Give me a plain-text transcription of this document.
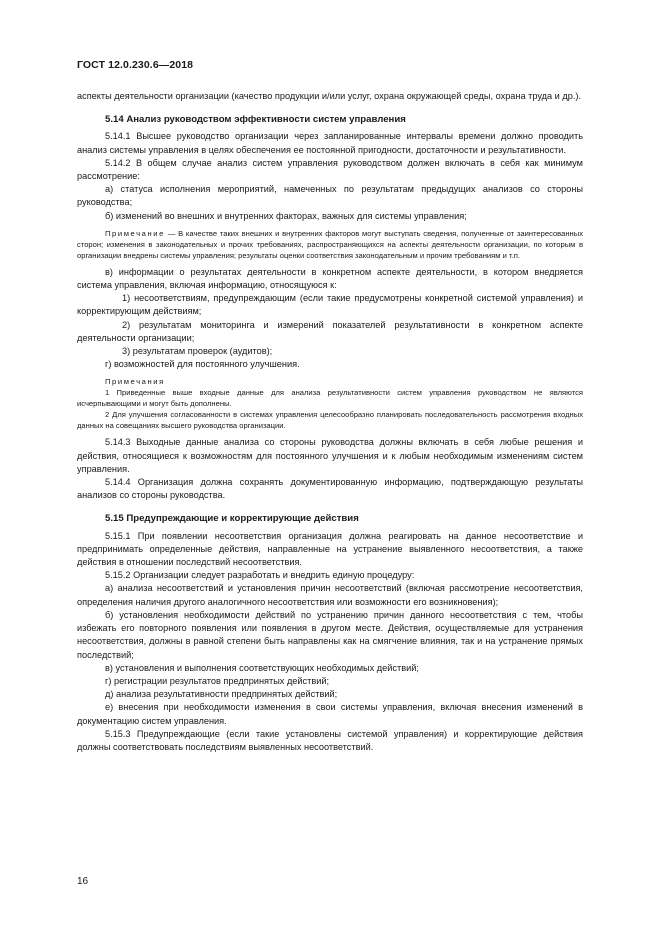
ГОСТ 12.0.230.6—2018

аспекты деятельности организации (качество продукции и/или услуг, охрана окружающей среды, охрана труда и др.).

5.14 Анализ руководством эффективности систем управления

5.14.1 Высшее руководство организации через запланированные интервалы времени должно проводить анализ системы управления в целях обеспечения ее постоянной пригодности, достаточности и результативности.

5.14.2 В общем случае анализ систем управления руководством должен включать в себя как минимум рассмотрение:

а) статуса исполнения мероприятий, намеченных по результатам предыдущих анализов со стороны руководства;

б) изменений во внешних и внутренних факторах, важных для системы управления;

Примечание — В качестве таких внешних и внутренних факторов могут выступать сведения, полученные от заинтересованных сторон; изменения в законодательных и прочих требованиях, распространяющихся на аспекты деятельности организации, по которым в организации внедрены системы управления; результаты оценки соответствия законодательным и прочим требованиям и т.п.

в) информации о результатах деятельности в конкретном аспекте деятельности, в котором внедряется система управления, включая информацию, относящуюся к:

1) несоответствиям, предупреждающим (если такие предусмотрены конкретной системой управления) и корректирующим действиям;

2) результатам мониторинга и измерений показателей результативности в конкретном аспекте деятельности организации;

3) результатам проверок (аудитов);

г) возможностей для постоянного улучшения.

Примечания

1 Приведенные выше входные данные для анализа результативности систем управления руководством не являются исчерпывающими и могут быть дополнены.

2 Для улучшения согласованности в системах управления целесообразно планировать последовательность рассмотрения входных данных на совещаниях высшего руководства организации.

5.14.3 Выходные данные анализа со стороны руководства должны включать в себя любые решения и действия, относящиеся к возможностям для постоянного улучшения и к любым необходимым изменениям систем управления.

5.14.4 Организация должна сохранять документированную информацию, подтверждающую результаты анализов со стороны руководства.

5.15 Предупреждающие и корректирующие действия

5.15.1 При появлении несоответствия организация должна реагировать на данное несоответствие и предпринимать определенные действия, направленные на устранение выявленного несоответствия, а также действия в отношении последствий несоответствия.

5.15.2 Организации следует разработать и внедрить единую процедуру:

а) анализа несоответствий и установления причин несоответствий (включая рассмотрение несоответствия, определения наличия другого аналогичного несоответствия или возможности его возникновения);

б) установления необходимости действий по устранению причин данного несоответствия с тем, чтобы избежать его повторного появления или появления в другом месте. Действия, осуществляемые для устранения несоответствия, должны в равной степени быть направлены как на смягчение влияния, так и на устранение прямых последствий;

в) установления и выполнения соответствующих необходимых действий;

г) регистрации результатов предпринятых действий;

д) анализа результативности предпринятых действий;

е) внесения при необходимости изменения в свои системы управления, включая внесения изменений в документацию систем управления.

5.15.3 Предупреждающие (если такие установлены системой управления) и корректирующие действия должны соответствовать последствиям выявленных несоответствий.

16
